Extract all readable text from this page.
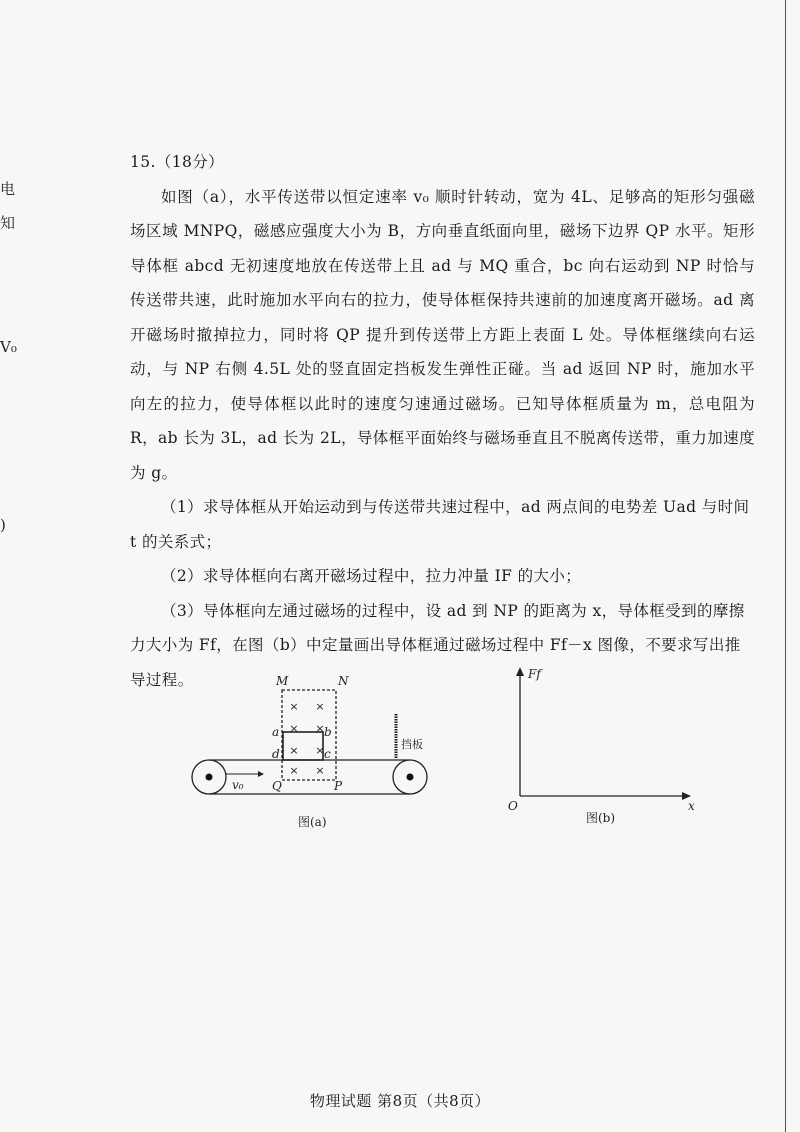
电
知
V₀
)

15.（18分）

如图（a），水平传送带以恒定速率 v₀ 顺时针转动，宽为 4L、足够高的矩形匀强磁场区域 MNPQ，磁感应强度大小为 B，方向垂直纸面向里，磁场下边界 QP 水平。矩形导体框 abcd 无初速度地放在传送带上且 ad 与 MQ 重合，bc 向右运动到 NP 时恰与传送带共速，此时施加水平向右的拉力，使导体框保持共速前的加速度离开磁场。ad 离开磁场时撤掉拉力，同时将 QP 提升到传送带上方距上表面 L 处。导体框继续向右运动，与 NP 右侧 4.5L 处的竖直固定挡板发生弹性正碰。当 ad 返回 NP 时，施加水平向左的拉力，使导体框以此时的速度匀速通过磁场。已知导体框质量为 m，总电阻为 R，ab 长为 3L，ad 长为 2L，导体框平面始终与磁场垂直且不脱离传送带，重力加速度为 g。

（1）求导体框从开始运动到与传送带共速过程中，ad 两点间的电势差 Uad 与时间 t 的关系式；

（2）求导体框向右离开磁场过程中，拉力冲量 IF 的大小；

（3）导体框向左通过磁场的过程中，设 ad 到 NP 的距离为 x，导体框受到的摩擦力大小为 Ff，在图（b）中定量画出导体框通过磁场过程中 Ff－x 图像，不要求写出推导过程。

× ×
× ×
× ×
× ×
M	N
a	b
c
d
Q	P
v₀
挡板
图(a)
Ff
x
O
图(b)
物理试题 第8页（共8页）
